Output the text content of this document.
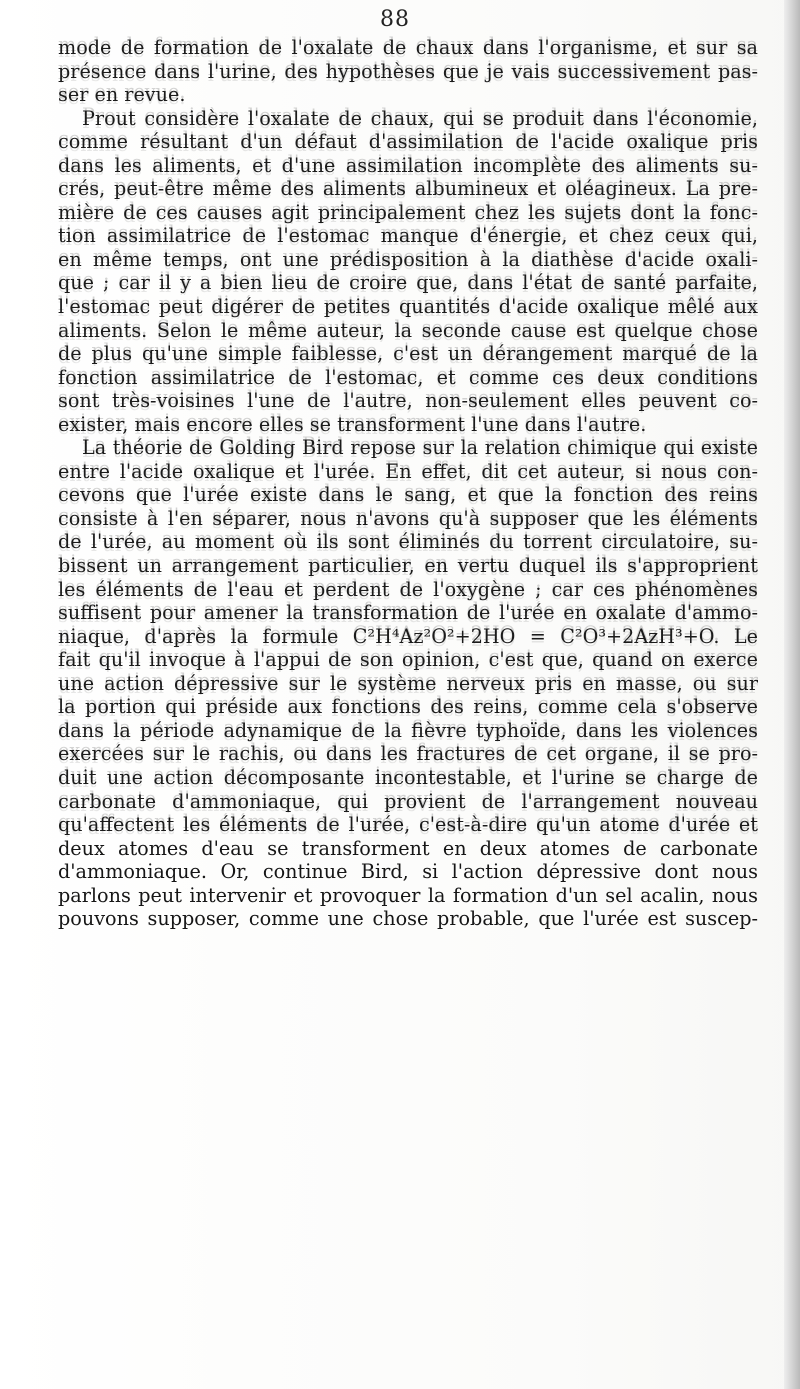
88
mode de formation de l'oxalate de chaux dans l'organisme, et sur sa
présence dans l'urine, des hypothèses que je vais successivement pas-
ser en revue.
Prout considère l'oxalate de chaux, qui se produit dans l'économie,
comme résultant d'un défaut d'assimilation de l'acide oxalique pris
dans les aliments, et d'une assimilation incomplète des aliments su-
crés, peut-être même des aliments albumineux et oléagineux. La pre-
mière de ces causes agit principalement chez les sujets dont la fonc-
tion assimilatrice de l'estomac manque d'énergie, et chez ceux qui,
en même temps, ont une prédisposition à la diathèse d'acide oxali-
que ; car il y a bien lieu de croire que, dans l'état de santé parfaite,
l'estomac peut digérer de petites quantités d'acide oxalique mêlé aux
aliments. Selon le même auteur, la seconde cause est quelque chose
de plus qu'une simple faiblesse, c'est un dérangement marqué de la
fonction assimilatrice de l'estomac, et comme ces deux conditions
sont très-voisines l'une de l'autre, non-seulement elles peuvent co-
exister, mais encore elles se transforment l'une dans l'autre.
La théorie de Golding Bird repose sur la relation chimique qui existe
entre l'acide oxalique et l'urée. En effet, dit cet auteur, si nous con-
cevons que l'urée existe dans le sang, et que la fonction des reins
consiste à l'en séparer, nous n'avons qu'à supposer que les éléments
de l'urée, au moment où ils sont éliminés du torrent circulatoire, su-
bissent un arrangement particulier, en vertu duquel ils s'approprient
les éléments de l'eau et perdent de l'oxygène ; car ces phénomènes
suffisent pour amener la transformation de l'urée en oxalate d'ammo-
niaque, d'après la formule C²H⁴Az²O²+2HO = C²O³+2AzH³+O. Le
fait qu'il invoque à l'appui de son opinion, c'est que, quand on exerce
une action dépressive sur le système nerveux pris en masse, ou sur
la portion qui préside aux fonctions des reins, comme cela s'observe
dans la période adynamique de la fièvre typhoïde, dans les violences
exercées sur le rachis, ou dans les fractures de cet organe, il se pro-
duit une action décomposante incontestable, et l'urine se charge de
carbonate d'ammoniaque, qui provient de l'arrangement nouveau
qu'affectent les éléments de l'urée, c'est-à-dire qu'un atome d'urée et
deux atomes d'eau se transforment en deux atomes de carbonate
d'ammoniaque. Or, continue Bird, si l'action dépressive dont nous
parlons peut intervenir et provoquer la formation d'un sel acalin, nous
pouvons supposer, comme une chose probable, que l'urée est suscep-
